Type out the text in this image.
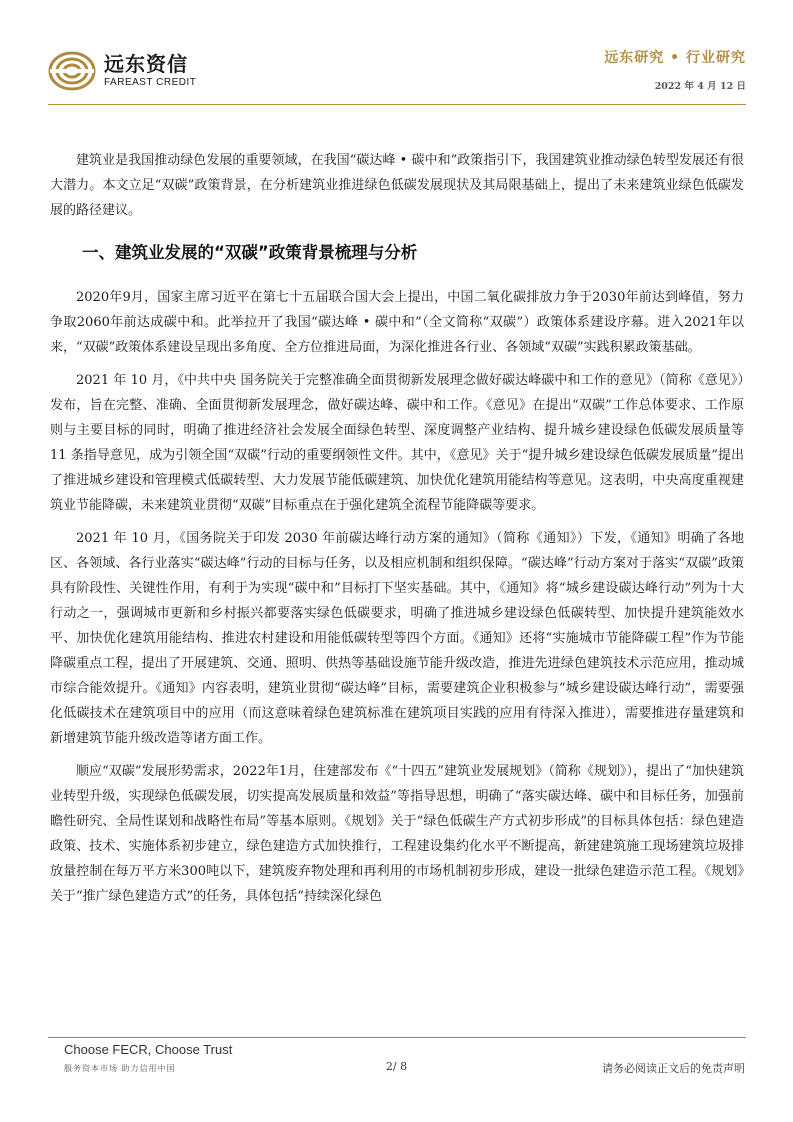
远东资信
FAREAST CREDIT
远东研究 • 行业研究
2022 年 4 月 12 日

建筑业是我国推动绿色发展的重要领域，在我国“碳达峰 • 碳中和”政策指引下，我国建筑业推动绿色转型发展还有很大潜力。本文立足“双碳”政策背景，在分析建筑业推进绿色低碳发展现状及其局限基础上，提出了未来建筑业绿色低碳发展的路径建议。

一、建筑业发展的“双碳”政策背景梳理与分析

2020年9月，国家主席习近平在第七十五届联合国大会上提出，中国二氧化碳排放力争于2030年前达到峰值，努力争取2060年前达成碳中和。此举拉开了我国“碳达峰 • 碳中和”（全文简称“双碳”）政策体系建设序幕。进入2021年以来，“双碳”政策体系建设呈现出多角度、全方位推进局面，为深化推进各行业、各领域“双碳”实践积累政策基础。

2021 年 10 月，《中共中央 国务院关于完整准确全面贯彻新发展理念做好碳达峰碳中和工作的意见》（简称《意见》）发布，旨在完整、准确、全面贯彻新发展理念，做好碳达峰、碳中和工作。《意见》在提出“双碳”工作总体要求、工作原则与主要目标的同时，明确了推进经济社会发展全面绿色转型、深度调整产业结构、提升城乡建设绿色低碳发展质量等 11 条指导意见，成为引领全国“双碳”行动的重要纲领性文件。其中，《意见》关于“提升城乡建设绿色低碳发展质量”提出了推进城乡建设和管理模式低碳转型、大力发展节能低碳建筑、加快优化建筑用能结构等意见。这表明，中央高度重视建筑业节能降碳，未来建筑业贯彻“双碳”目标重点在于强化建筑全流程节能降碳等要求。

2021 年 10 月，《国务院关于印发 2030 年前碳达峰行动方案的通知》（简称《通知》）下发，《通知》明确了各地区、各领域、各行业落实“碳达峰”行动的目标与任务，以及相应机制和组织保障。“碳达峰”行动方案对于落实“双碳”政策具有阶段性、关键性作用，有利于为实现“碳中和”目标打下坚实基础。其中，《通知》将“城乡建设碳达峰行动”列为十大行动之一，强调城市更新和乡村振兴都要落实绿色低碳要求，明确了推进城乡建设绿色低碳转型、加快提升建筑能效水平、加快优化建筑用能结构、推进农村建设和用能低碳转型等四个方面。《通知》还将“实施城市节能降碳工程”作为节能降碳重点工程，提出了开展建筑、交通、照明、供热等基础设施节能升级改造，推进先进绿色建筑技术示范应用，推动城市综合能效提升。《通知》内容表明，建筑业贯彻“碳达峰”目标，需要建筑企业积极参与“城乡建设碳达峰行动”，需要强化低碳技术在建筑项目中的应用（而这意味着绿色建筑标准在建筑项目实践的应用有待深入推进），需要推进存量建筑和新增建筑节能升级改造等诸方面工作。

顺应“双碳”发展形势需求，2022年1月，住建部发布《“十四五”建筑业发展规划》（简称《规划》），提出了“加快建筑业转型升级，实现绿色低碳发展，切实提高发展质量和效益”等指导思想，明确了“落实碳达峰、碳中和目标任务，加强前瞻性研究、全局性谋划和战略性布局”等基本原则。《规划》关于“绿色低碳生产方式初步形成”的目标具体包括：绿色建造政策、技术、实施体系初步建立，绿色建造方式加快推行，工程建设集约化水平不断提高，新建建筑施工现场建筑垃圾排放量控制在每万平方米300吨以下，建筑废弃物处理和再利用的市场机制初步形成，建设一批绿色建造示范工程。《规划》关于“推广绿色建造方式”的任务，具体包括“持续深化绿色

Choose FECR, Choose Trust
服务资本市场 助力信用中国	2/ 8	请务必阅读正文后的免责声明
